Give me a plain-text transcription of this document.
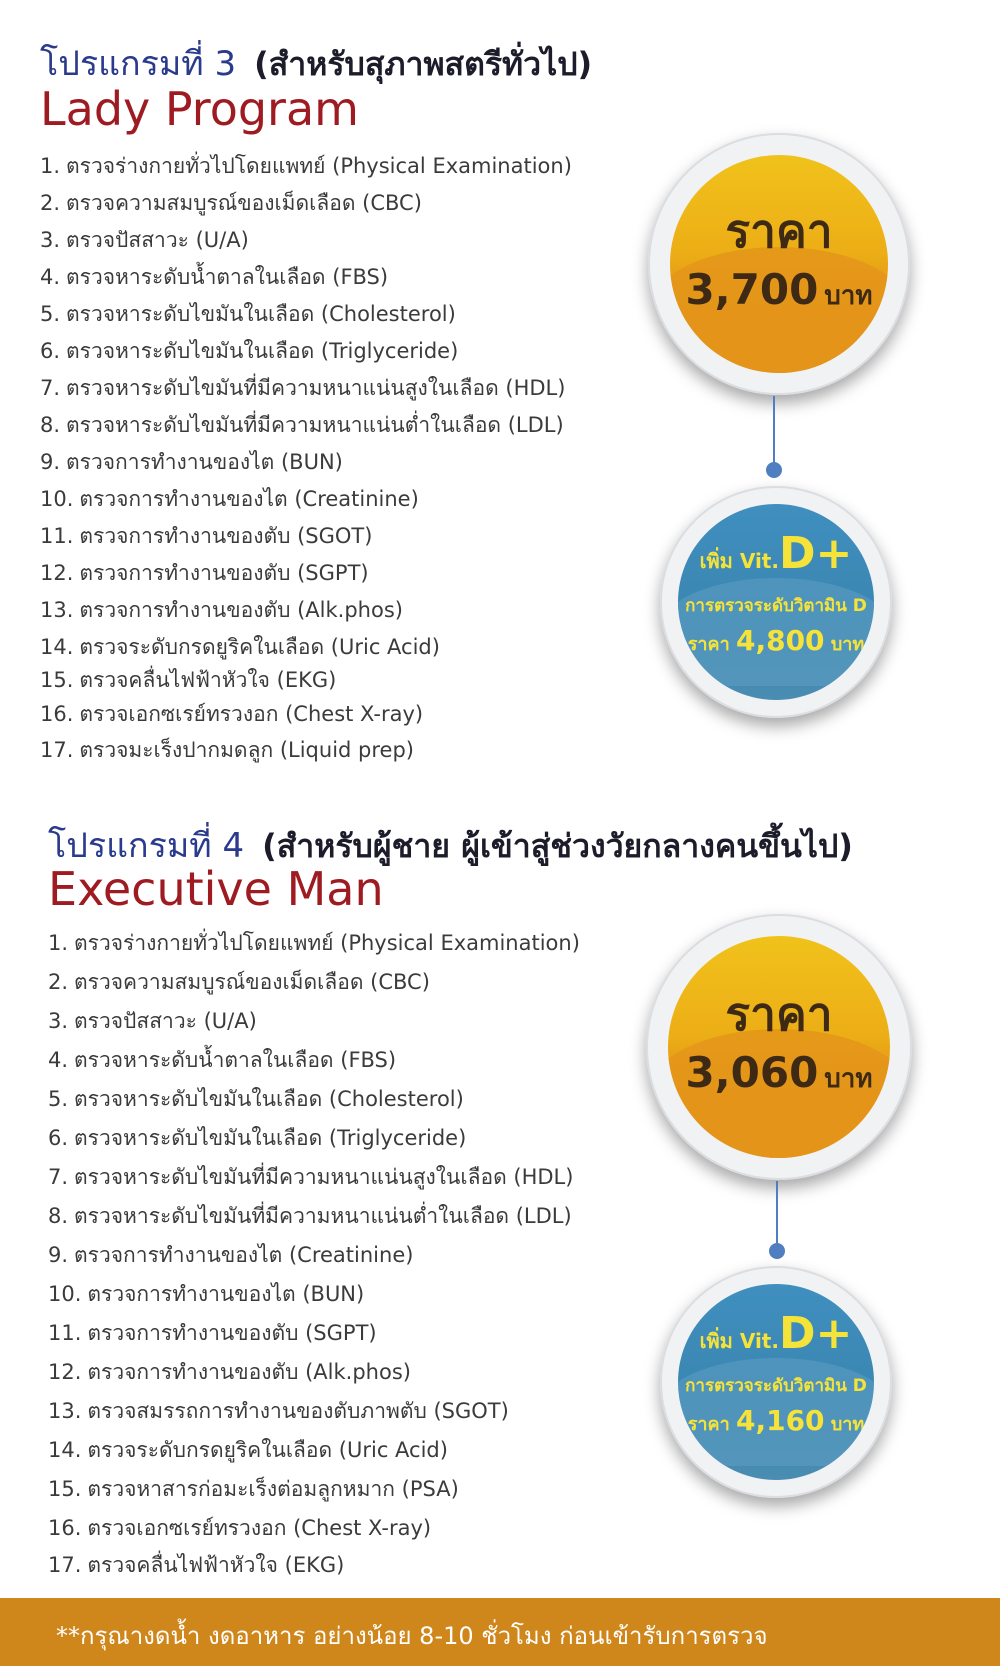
โปรแกรมที่ 3 (สำหรับสุภาพสตรีทั่วไป)
Lady Program
1. ตรวจร่างกายทั่วไปโดยแพทย์ (Physical Examination)
2. ตรวจความสมบูรณ์ของเม็ดเลือด (CBC)
3. ตรวจปัสสาวะ (U/A)
4. ตรวจหาระดับน้ำตาลในเลือด (FBS)
5. ตรวจหาระดับไขมันในเลือด (Cholesterol)
6. ตรวจหาระดับไขมันในเลือด (Triglyceride)
7. ตรวจหาระดับไขมันที่มีความหนาแน่นสูงในเลือด (HDL)
8. ตรวจหาระดับไขมันที่มีความหนาแน่นต่ำในเลือด (LDL)
9. ตรวจการทำงานของไต (BUN)
10. ตรวจการทำงานของไต (Creatinine)
11. ตรวจการทำงานของตับ (SGOT)
12. ตรวจการทำงานของตับ (SGPT)
13. ตรวจการทำงานของตับ (Alk.phos)
14. ตรวจระดับกรดยูริคในเลือด (Uric Acid)
15. ตรวจคลื่นไฟฟ้าหัวใจ (EKG)
16. ตรวจเอกซเรย์ทรวงอก (Chest X-ray)
17. ตรวจมะเร็งปากมดลูก (Liquid prep)
ราคา
3,700 บาท
เพิ่ม Vit.D+
การตรวจระดับวิตามิน D
ราคา 4,800 บาท
โปรแกรมที่ 4 (สำหรับผู้ชาย ผู้เข้าสู่ช่วงวัยกลางคนขึ้นไป)
Executive Man
1. ตรวจร่างกายทั่วไปโดยแพทย์ (Physical Examination)
2. ตรวจความสมบูรณ์ของเม็ดเลือด (CBC)
3. ตรวจปัสสาวะ (U/A)
4. ตรวจหาระดับน้ำตาลในเลือด (FBS)
5. ตรวจหาระดับไขมันในเลือด (Cholesterol)
6. ตรวจหาระดับไขมันในเลือด (Triglyceride)
7. ตรวจหาระดับไขมันที่มีความหนาแน่นสูงในเลือด (HDL)
8. ตรวจหาระดับไขมันที่มีความหนาแน่นต่ำในเลือด (LDL)
9. ตรวจการทำงานของไต (Creatinine)
10. ตรวจการทำงานของไต (BUN)
11. ตรวจการทำงานของตับ (SGPT)
12. ตรวจการทำงานของตับ (Alk.phos)
13. ตรวจสมรรถการทำงานของตับภาพตับ (SGOT)
14. ตรวจระดับกรดยูริคในเลือด (Uric Acid)
15. ตรวจหาสารก่อมะเร็งต่อมลูกหมาก (PSA)
16. ตรวจเอกซเรย์ทรวงอก (Chest X-ray)
17. ตรวจคลื่นไฟฟ้าหัวใจ (EKG)
ราคา
3,060 บาท
เพิ่ม Vit.D+
การตรวจระดับวิตามิน D
ราคา 4,160 บาท
**กรุณางดน้ำ งดอาหาร อย่างน้อย 8-10 ชั่วโมง ก่อนเข้ารับการตรวจ
